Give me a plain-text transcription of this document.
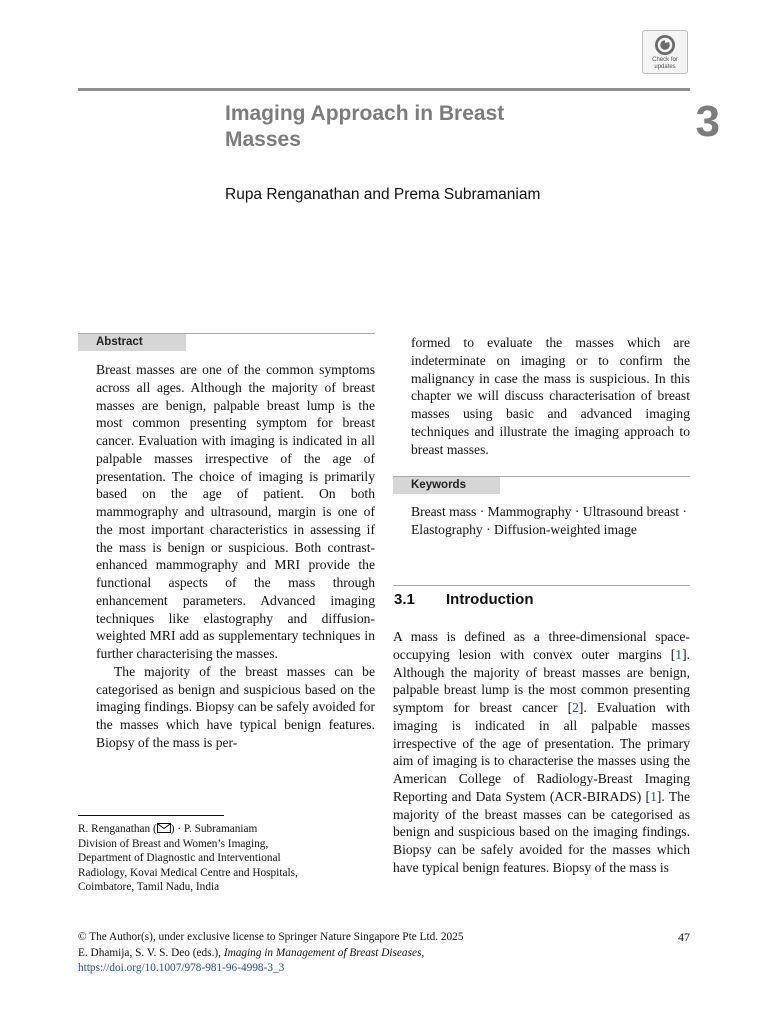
Check for
updates
Imaging Approach in Breast
Masses	3
Rupa Renganathan and Prema Subramaniam
Abstract

Breast masses are one of the common symptoms across all ages. Although the majority of breast masses are benign, palpable breast lump is the most common presenting symptom for breast cancer. Evaluation with imaging is indicated in all palpable masses irrespective of the age of presentation. The choice of imaging is primarily based on the age of patient. On both mammography and ultrasound, margin is one of the most important characteristics in assessing if the mass is benign or suspicious. Both contrast-enhanced mammography and MRI provide the functional aspects of the mass through enhancement parameters. Advanced imaging techniques like elastography and diffusion-weighted MRI add as supplementary techniques in further characterising the masses.

The majority of the breast masses can be categorised as benign and suspicious based on the imaging findings. Biopsy can be safely avoided for the masses which have typical benign features. Biopsy of the mass is per-

R. Renganathan ( ) · P. Subramaniam

Division of Breast and Women’s Imaging,

Department of Diagnostic and Interventional

Radiology, Kovai Medical Centre and Hospitals,

Coimbatore, Tamil Nadu, India

formed to evaluate the masses which are indeterminate on imaging or to confirm the malignancy in case the mass is suspicious. In this chapter we will discuss characterisation of breast masses using basic and advanced imaging techniques and illustrate the imaging approach to breast masses.
Keywords
Breast mass · Mammography · Ultrasound breast · Elastography · Diffusion-weighted image
3.1 Introduction

A mass is defined as a three-dimensional space-occupying lesion with convex outer margins [1]. Although the majority of breast masses are benign, palpable breast lump is the most common presenting symptom for breast cancer [2]. Evaluation with imaging is indicated in all palpable masses irrespective of the age of presentation. The primary aim of imaging is to characterise the masses using the American College of Radiology-Breast Imaging Reporting and Data System (ACR-BIRADS) [1]. The majority of the breast masses can be categorised as benign and suspicious based on the imaging findings. Biopsy can be safely avoided for the masses which have typical benign features. Biopsy of the mass is

© The Author(s), under exclusive license to Springer Nature Singapore Pte Ltd. 2025

E. Dhamija, S. V. S. Deo (eds.), Imaging in Management of Breast Diseases,

https://doi.org/10.1007/978-981-96-4998-3_3

47
